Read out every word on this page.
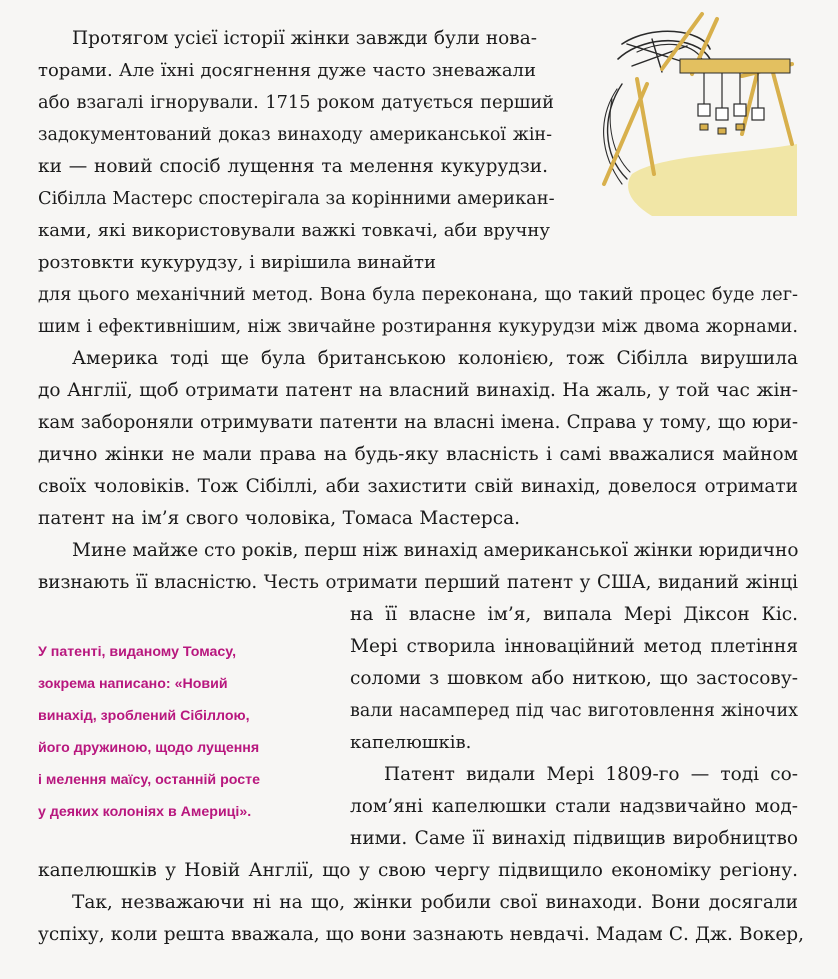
Протягом усієї історії жінки завжди були нова-

торами. Але їхні досягнення дуже часто зневажали

або взагалі ігнорували. 1715 роком датується перший

задокументований доказ винаходу американської жін-

ки — новий спосіб лущення та мелення кукурудзи.

Сібілла Мастерс спостерігала за корінними американ-

ками, які використовували важкі товкачі, аби вручну

розтовкти кукурудзу, і вирішила винайти

для цього механічний метод. Вона була переконана, що такий процес буде лег-

шим і ефективнішим, ніж звичайне розтирання кукурудзи між двома жорнами.

Америка тоді ще була британською колонією, тож Сібілла вирушила

до Англії, щоб отримати патент на власний винахід. На жаль, у той час жін-

кам забороняли отримувати патенти на власні імена. Справа у тому, що юри-

дично жінки не мали права на будь-яку власність і самі вважалися майном

своїх чоловіків. Тож Сібіллі, аби захистити свій винахід, довелося отримати

патент на ім’я свого чоловіка, Томаса Мастерса.

Мине майже сто років, перш ніж винахід американської жінки юридично

визнають її власністю. Честь отримати перший патент у США, виданий жінці

на її власне ім’я, випала Мері Діксон Кіс.

Мері створила інноваційний метод плетіння

соломи з шовком або ниткою, що застосову-

вали насамперед під час виготовлення жіночих

капелюшків.

Патент видали Мері 1809-го — тоді со-

лом’яні капелюшки стали надзвичайно мод-

ними. Саме її винахід підвищив виробництво

капелюшків у Новій Англії, що у свою чергу підвищило економіку регіону.

Так, незважаючи ні на що, жінки робили свої винаходи. Вони досягали

успіху, коли решта вважала, що вони зазнають невдачі. Мадам С. Дж. Вокер,

У патенті, виданому Томасу,

зокрема написано: «Новий

винахід, зроблений Сібіллою,

його дружиною, щодо лущення

і мелення маїсу, останній росте

у деяких колоніях в Америці».
